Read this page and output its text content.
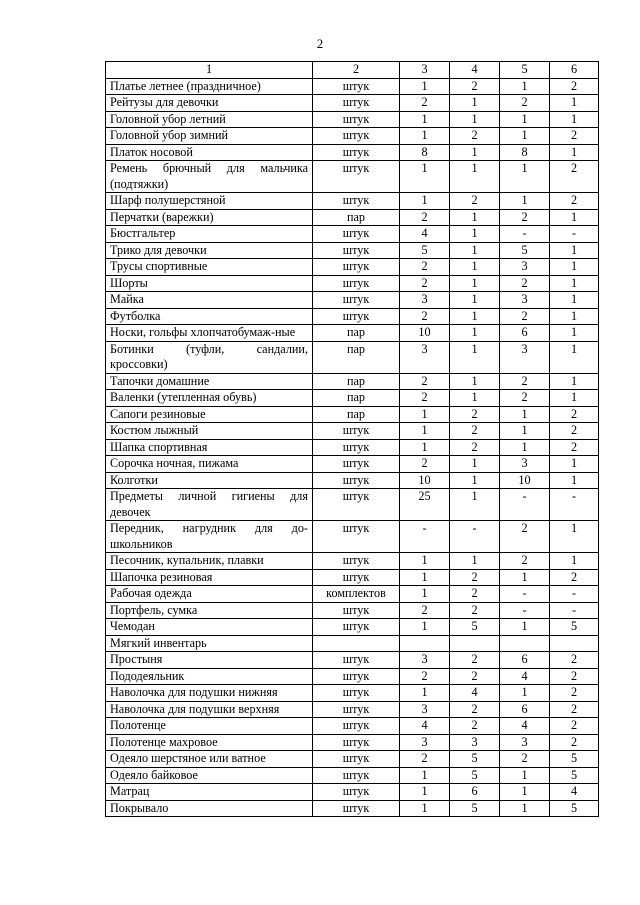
2
1	2	3	4	5	6
Платье летнее (праздничное)	штук	1	2	1	2
Рейтузы для девочки	штук	2	1	2	1
Головной убор летний	штук	1	1	1	1
Головной убор зимний	штук	1	2	1	2
Платок носовой	штук	8	1	8	1
Ремень брючный для мальчика (подтяжки)	штук	1	1	1	2
Шарф полушерстяной	штук	1	2	1	2
Перчатки (варежки)	пар	2	1	2	1
Бюстгальтер	штук	4	1	-	-
Трико для девочки	штук	5	1	5	1
Трусы спортивные	штук	2	1	3	1
Шорты	штук	2	1	2	1
Майка	штук	3	1	3	1
Футболка	штук	2	1	2	1
Носки, гольфы хлопчатобумаж-ные	пар	10	1	6	1
Ботинки (туфли, сандалии, кроссовки)	пар	3	1	3	1
Тапочки домашние	пар	2	1	2	1
Валенки (утепленная обувь)	пар	2	1	2	1
Сапоги резиновые	пар	1	2	1	2
Костюм лыжный	штук	1	2	1	2
Шапка спортивная	штук	1	2	1	2
Сорочка ночная, пижама	штук	2	1	3	1
Колготки	штук	10	1	10	1
Предметы личной гигиены для девочек	штук	25	1	-	-
Передник, нагрудник для до-школьников	штук	-	-	2	1
Песочник, купальник, плавки	штук	1	1	2	1
Шапочка резиновая	штук	1	2	1	2
Рабочая одежда	комплектов	1	2	-	-
Портфель, сумка	штук	2	2	-	-
Чемодан	штук	1	5	1	5
Мягкий инвентарь					
Простыня	штук	3	2	6	2
Пододеяльник	штук	2	2	4	2
Наволочка для подушки нижняя	штук	1	4	1	2
Наволочка для подушки верхняя	штук	3	2	6	2
Полотенце	штук	4	2	4	2
Полотенце махровое	штук	3	3	3	2
Одеяло шерстяное или ватное	штук	2	5	2	5
Одеяло байковое	штук	1	5	1	5
Матрац	штук	1	6	1	4
Покрывало	штук	1	5	1	5
